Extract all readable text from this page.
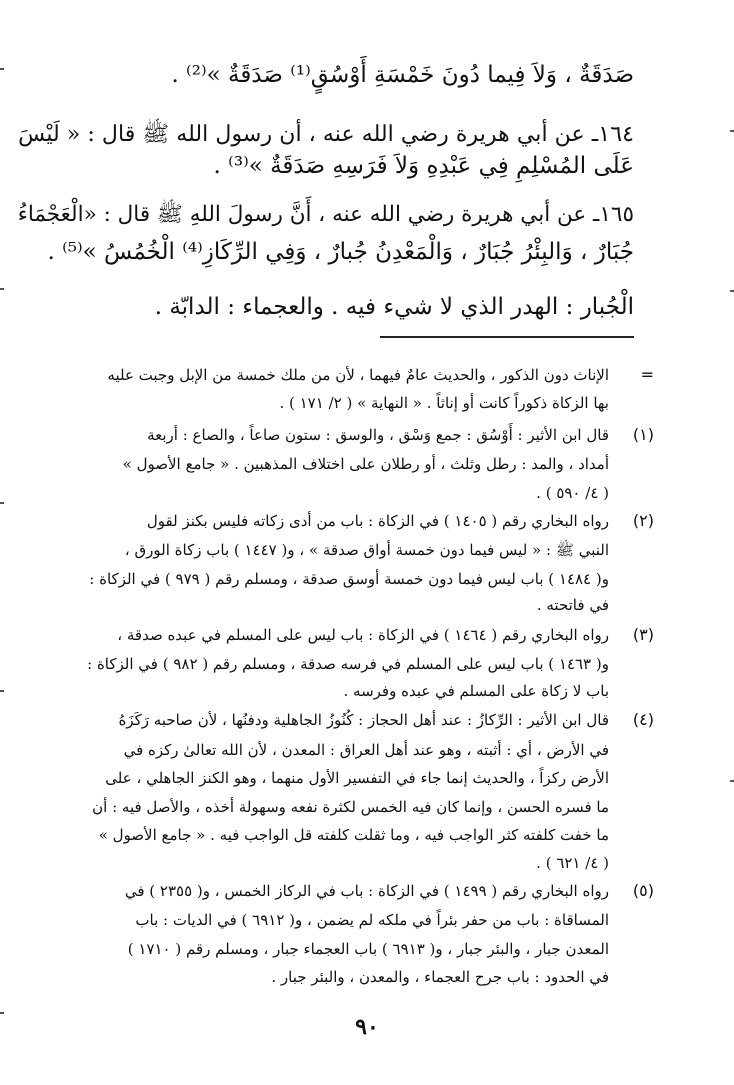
صَدَقَةٌ ، وَلاَ فِيما دُونَ خَمْسَةِ أَوْسُقٍ⁽¹⁾ صَدَقَةٌ »⁽²⁾ .
١٦٤ـ عن أبي هريرة رضي الله عنه ، أن رسول الله ﷺ قال : « لَيْسَ
عَلَى المُسْلِمِ فِي عَبْدِهِ وَلاَ فَرَسِهِ صَدَقَةٌ »⁽³⁾ .
١٦٥ـ عن أبي هريرة رضي الله عنه ، أَنَّ رسولَ اللهِ ﷺ قال : «الْعَجْمَاءُ
جُبَارٌ ، وَالبِئْرُ جُبَارٌ ، وَالْمَعْدِنُ جُبارٌ ، وَفِي الرِّكَازِ⁽⁴⁾ الْخُمُسُ »⁽⁵⁾ .
الْجُبار : الهدر الذي لا شيء فيه . والعجماء : الدابّة .
=
الإناث دون الذكور ، والحديث عامٌ فيهما ، لأن من ملك خمسة من الإبل وجبت عليه
بها الزكاة ذكوراً كانت أو إناثاً . « النهاية » ( ٢/ ١٧١ ) .
(١)
قال ابن الأثير : أَوْسُق : جمع وَسْق ، والوسق : ستون صاعاً ، والصاع : أربعة
أمداد ، والمد : رطل وثلث ، أو رطلان على اختلاف المذهبين . « جامع الأصول »
( ٤/ ٥٩٠ ) .
(٢)
رواه البخاري رقم ( ١٤٠٥ ) في الزكاة : باب من أدى زكاته فليس بكنز لقول
النبي ﷺ : « ليس فيما دون خمسة أواق صدقة » ، و( ١٤٤٧ ) باب زكاة الورق ،
و( ١٤٨٤ ) باب ليس فيما دون خمسة أوسق صدقة ، ومسلم رقم ( ٩٧٩ ) في الزكاة :
في فاتحته .
(٣)
رواه البخاري رقم ( ١٤٦٤ ) في الزكاة : باب ليس على المسلم في عبده صدقة ،
و( ١٤٦٣ ) باب ليس على المسلم في فرسه صدقة ، ومسلم رقم ( ٩٨٢ ) في الزكاة :
باب لا زكاة على المسلم في عبده وفرسه .
(٤)
قال ابن الأثير : الرِّكازُ : عند أهل الحجاز : كُنُوزُ الجاهلية ودفنُها ، لأن صاحبه رَكَزَهُ
في الأرض ، أي : أثبته ، وهو عند أهل العراق : المعدن ، لأن الله تعالىٰ ركزه في
الأرض ركزاً ، والحديث إنما جاء في التفسير الأول منهما ، وهو الكنز الجاهلي ، على
ما فسره الحسن ، وإنما كان فيه الخمس لكثرة نفعه وسهولة أخذه ، والأصل فيه : أن
ما خفت كلفته كثر الواجب فيه ، وما ثقلت كلفته قل الواجب فيه . « جامع الأصول »
( ٤/ ٦٢١ ) .
(٥)
رواه البخاري رقم ( ١٤٩٩ ) في الزكاة : باب في الركاز الخمس ، و( ٢٣٥٥ ) في
المساقاة : باب من حفر بئراً في ملكه لم يضمن ، و( ٦٩١٢ ) في الديات : باب
المعدن جبار ، والبئر جبار ، و( ٦٩١٣ ) باب العجماء جبار ، ومسلم رقم ( ١٧١٠ )
في الحدود : باب جرح العجماء ، والمعدن ، والبئر جبار .
٩٠
